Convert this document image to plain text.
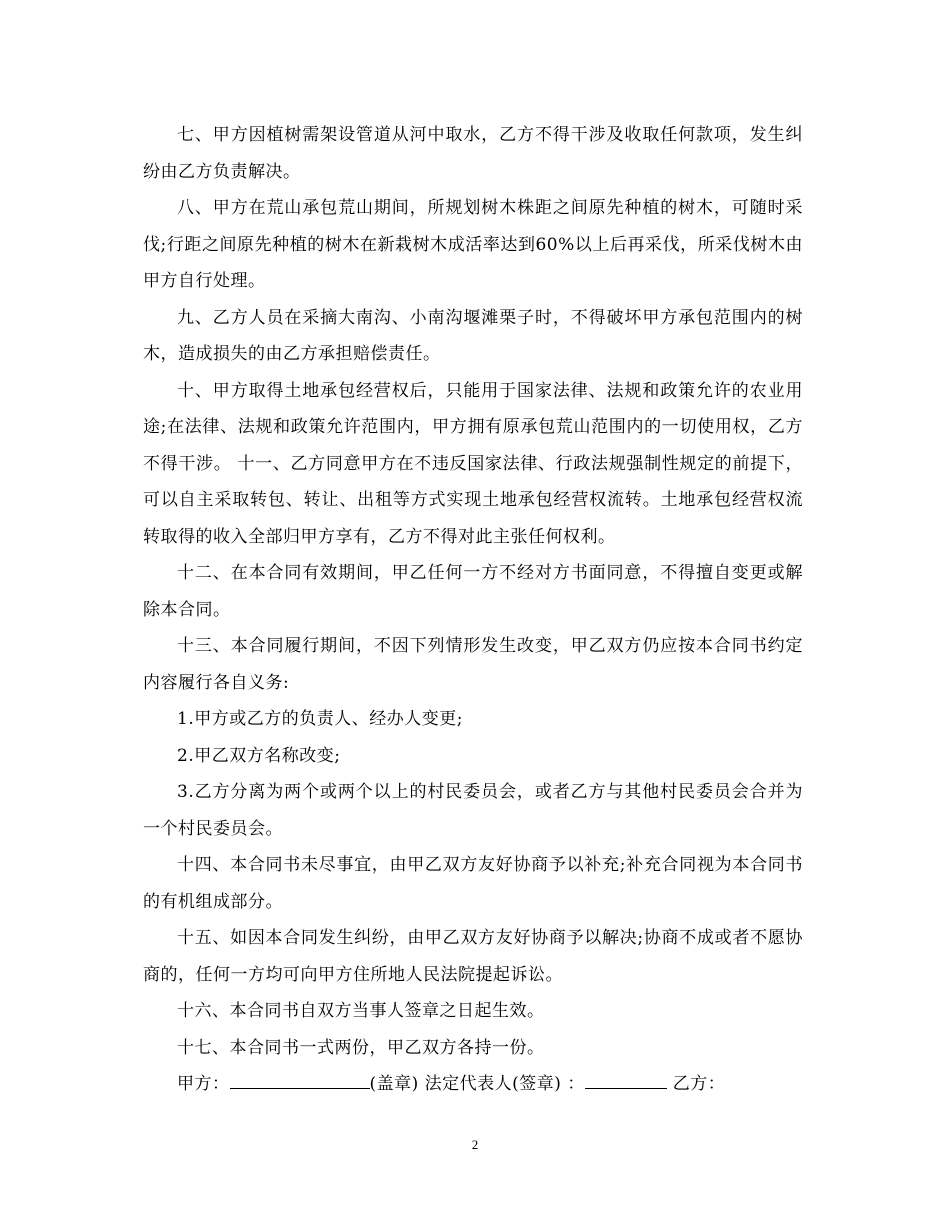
七、甲方因植树需架设管道从河中取水，乙方不得干涉及收取任何款项，发生纠纷由乙方负责解决。

八、甲方在荒山承包荒山期间，所规划树木株距之间原先种植的树木，可随时采伐;行距之间原先种植的树木在新栽树木成活率达到60%以上后再采伐，所采伐树木由甲方自行处理。

九、乙方人员在采摘大南沟、小南沟堰滩栗子时，不得破坏甲方承包范围内的树木，造成损失的由乙方承担赔偿责任。

十、甲方取得土地承包经营权后，只能用于国家法律、法规和政策允许的农业用途;在法律、法规和政策允许范围内，甲方拥有原承包荒山范围内的一切使用权，乙方不得干涉。 十一、乙方同意甲方在不违反国家法律、行政法规强制性规定的前提下，可以自主采取转包、转让、出租等方式实现土地承包经营权流转。土地承包经营权流转取得的收入全部归甲方享有，乙方不得对此主张任何权利。

十二、在本合同有效期间，甲乙任何一方不经对方书面同意，不得擅自变更或解除本合同。

十三、本合同履行期间，不因下列情形发生改变，甲乙双方仍应按本合同书约定内容履行各自义务:

1.甲方或乙方的负责人、经办人变更;

2.甲乙双方名称改变;

3.乙方分离为两个或两个以上的村民委员会，或者乙方与其他村民委员会合并为一个村民委员会。

十四、本合同书未尽事宜，由甲乙双方友好协商予以补充;补充合同视为本合同书的有机组成部分。

十五、如因本合同发生纠纷，由甲乙双方友好协商予以解决;协商不成或者不愿协商的，任何一方均可向甲方住所地人民法院提起诉讼。

十六、本合同书自双方当事人签章之日起生效。

十七、本合同书一式两份，甲乙双方各持一份。

甲方：	(盖章) 法定代表人(签章) ：	乙方：

2
